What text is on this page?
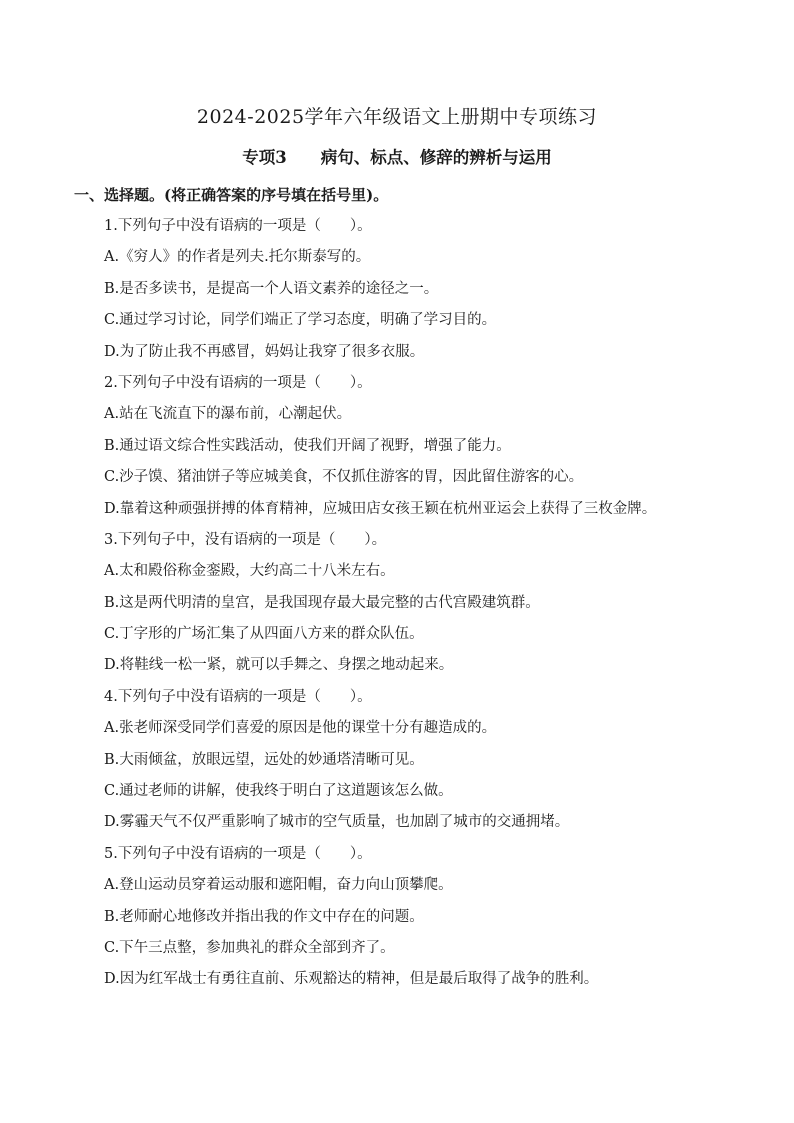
2024-2025学年六年级语文上册期中专项练习
专项3 病句、标点、修辞的辨析与运用
一、选择题。(将正确答案的序号填在括号里)。
1.下列句子中没有语病的一项是（　　）。
A.《穷人》的作者是列夫.托尔斯泰写的。
B.是否多读书，是提高一个人语文素养的途径之一。
C.通过学习讨论，同学们端正了学习态度，明确了学习目的。
D.为了防止我不再感冒，妈妈让我穿了很多衣服。
2.下列句子中没有语病的一项是（　　）。
A.站在飞流直下的瀑布前，心潮起伏。
B.通过语文综合性实践活动，使我们开阔了视野，增强了能力。
C.沙子馍、猪油饼子等应城美食，不仅抓住游客的胃，因此留住游客的心。
D.靠着这种顽强拼搏的体育精神，应城田店女孩王颖在杭州亚运会上获得了三枚金牌。
3.下列句子中，没有语病的一项是（　　）。
A.太和殿俗称金銮殿，大约高二十八米左右。
B.这是两代明清的皇宫，是我国现存最大最完整的古代宫殿建筑群。
C.丁字形的广场汇集了从四面八方来的群众队伍。
D.将鞋线一松一紧，就可以手舞之、身摆之地动起来。
4.下列句子中没有语病的一项是（　　）。
A.张老师深受同学们喜爱的原因是他的课堂十分有趣造成的。
B.大雨倾盆，放眼远望，远处的妙通塔清晰可见。
C.通过老师的讲解，使我终于明白了这道题该怎么做。
D.雾霾天气不仅严重影响了城市的空气质量，也加剧了城市的交通拥堵。
5.下列句子中没有语病的一项是（　　）。
A.登山运动员穿着运动服和遮阳帽，奋力向山顶攀爬。
B.老师耐心地修改并指出我的作文中存在的问题。
C.下午三点整，参加典礼的群众全部到齐了。
D.因为红军战士有勇往直前、乐观豁达的精神，但是最后取得了战争的胜利。
